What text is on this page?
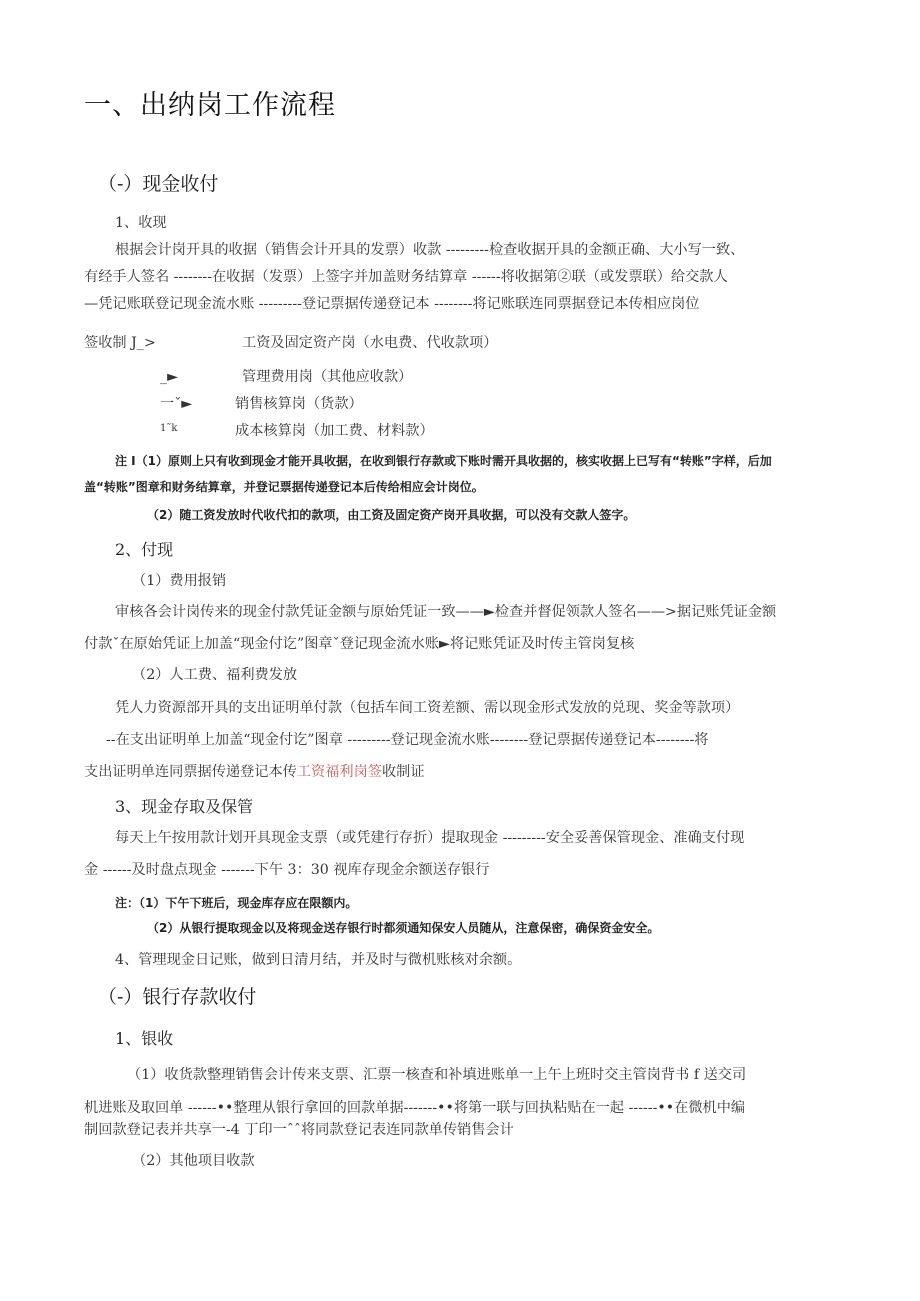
一、出纳岗工作流程
（-）现金收付
1、收现
根据会计岗开具的收据（销售会计开具的发票）收款 ---------检查收据开具的金额正确、大小写一致、
有经手人签名 --------在收据（发票）上签字并加盖财务结算章 ------将收据第②联（或发票联）给交款人
—凭记账联登记现金流水账 ---------登记票据传递登记本 --------将记账联连同票据登记本传相应岗位
签收制 J_>	工资及固定资产岗（水电费、代收款项）
_►	管理费用岗（其他应收款）
一ˇ►	销售核算岗（货款）
1˜k	成本核算岗（加工费、材料款）
注 I（1）原则上只有收到现金才能开具收据，在收到银行存款或下账时需开具收据的，核实收据上已写有“转账”字样，后加
盖“转账”图章和财务结算章，并登记票据传递登记本后传给相应会计岗位。
（2）随工资发放时代收代扣的款项，由工资及固定资产岗开具收据，可以没有交款人签字。
2、付现
（1）费用报销
审核各会计岗传来的现金付款凭证金额与原始凭证一致——►检查并督促领款人签名——>据记账凭证金额
付款ˇ在原始凭证上加盖“现金付讫”图章ˇ登记现金流水账►将记账凭证及时传主管岗复核
（2）人工费、福利费发放
凭人力资源部开具的支出证明单付款（包括车间工资差额、需以现金形式发放的兑现、奖金等款项）
--在支出证明单上加盖“现金付讫”图章 ---------登记现金流水账--------登记票据传递登记本--------将
支出证明单连同票据传递登记本传工资福利岗签收制证
3、现金存取及保管
每天上午按用款计划开具现金支票（或凭建行存折）提取现金 ---------安全妥善保管现金、准确支付现
金 ------及时盘点现金 -------下午 3：30 视库存现金余额送存银行
注：（1）下午下班后，现金库存应在限额内。
（2）从银行提取现金以及将现金送存银行时都须通知保安人员随从，注意保密，确保资金安全。
4、管理现金日记账，做到日清月结，并及时与微机账核对余额。
（-）银行存款收付
1、银收
（1）收货款整理销售会计传来支票、汇票一核查和补填进账单一上午上班时交主管岗背书 f 送交司
机进账及取回单 ------••整理从银行拿回的回款单据-------••将第一联与回执粘贴在一起 ------••在微机中编
制回款登记表并共享一-4 丁印一ˆˆ将同款登记表连同款单传销售会计
（2）其他项目收款
